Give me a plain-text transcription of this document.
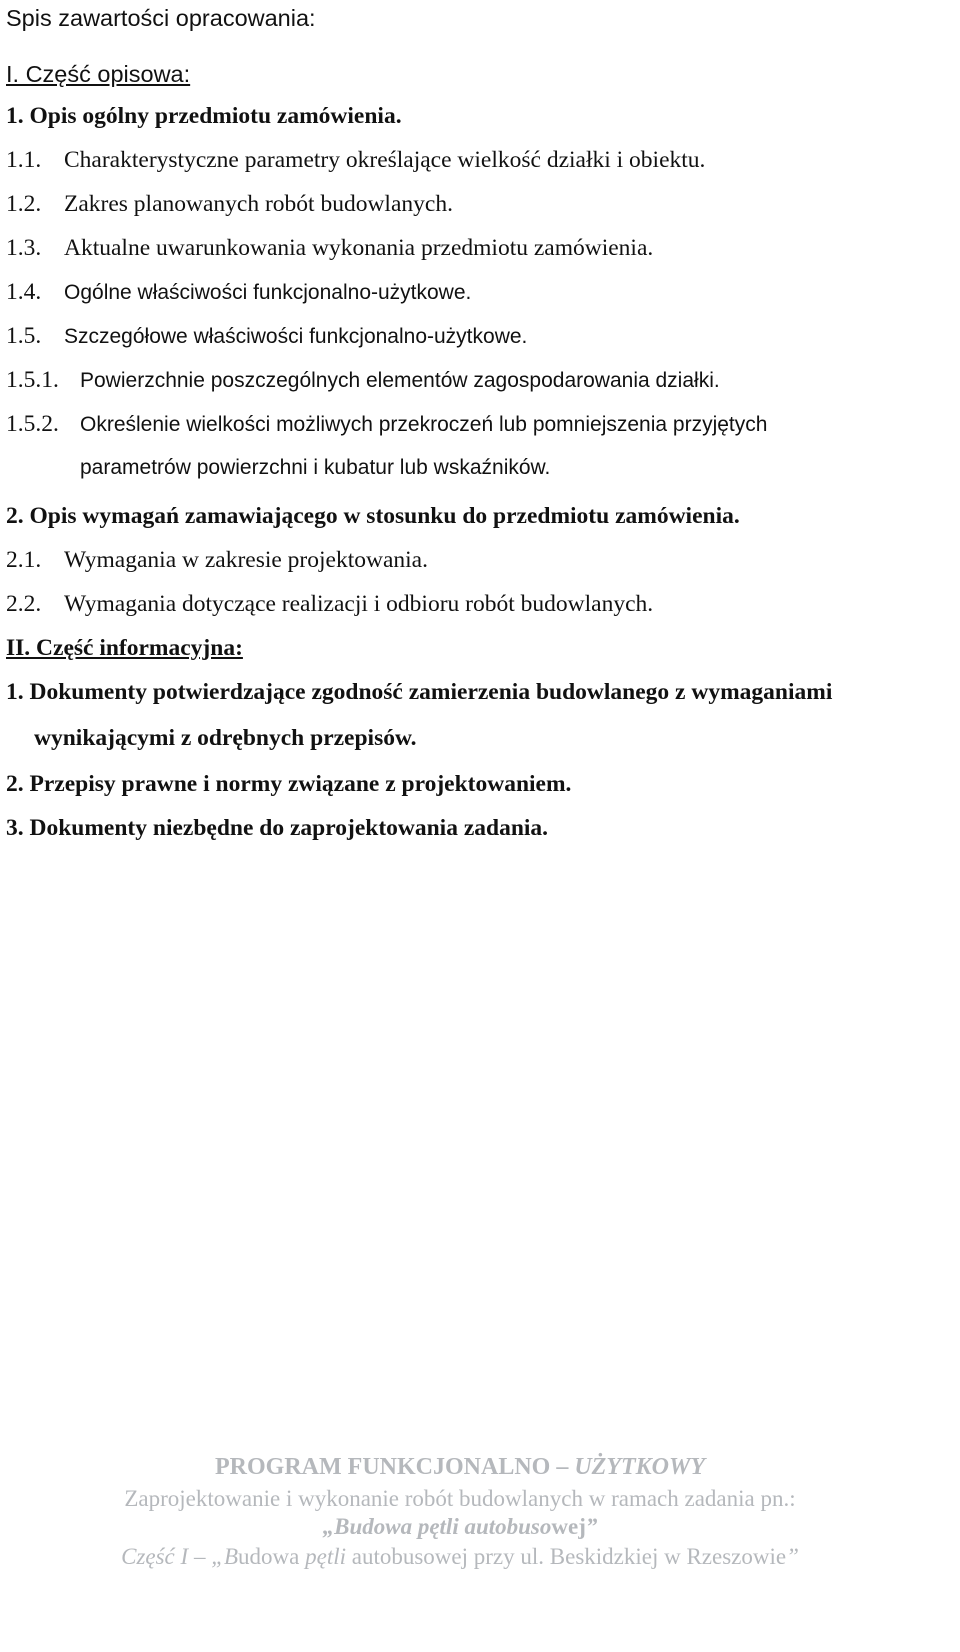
Spis zawartości opracowania:
I. Część opisowa:
1. Opis ogólny przedmiotu zamówienia.
1.1. Charakterystyczne parametry określające wielkość działki i obiektu.
1.2. Zakres planowanych robót budowlanych.
1.3. Aktualne uwarunkowania wykonania przedmiotu zamówienia.
1.4. Ogólne właściwości funkcjonalno-użytkowe.
1.5. Szczegółowe właściwości funkcjonalno-użytkowe.
1.5.1. Powierzchnie poszczególnych elementów zagospodarowania działki.
1.5.2. Określenie wielkości możliwych przekroczeń lub pomniejszenia przyjętych
parametrów powierzchni i kubatur lub wskaźników.
2. Opis wymagań zamawiającego w stosunku do przedmiotu zamówienia.
2.1. Wymagania w zakresie projektowania.
2.2. Wymagania dotyczące realizacji i odbioru robót budowlanych.
II. Część informacyjna:
1. Dokumenty potwierdzające zgodność zamierzenia budowlanego z wymaganiami
wynikającymi z odrębnych przepisów.
2. Przepisy prawne i normy związane z projektowaniem.
3. Dokumenty niezbędne do zaprojektowania zadania.
PROGRAM FUNKCJONALNO – UŻYTKOWY
Zaprojektowanie i wykonanie robót budowlanych w ramach zadania pn.:
„Budowa pętli autobusowej”
Część I – „Budowa pętli autobusowej przy ul. Beskidzkiej w Rzeszowie”
